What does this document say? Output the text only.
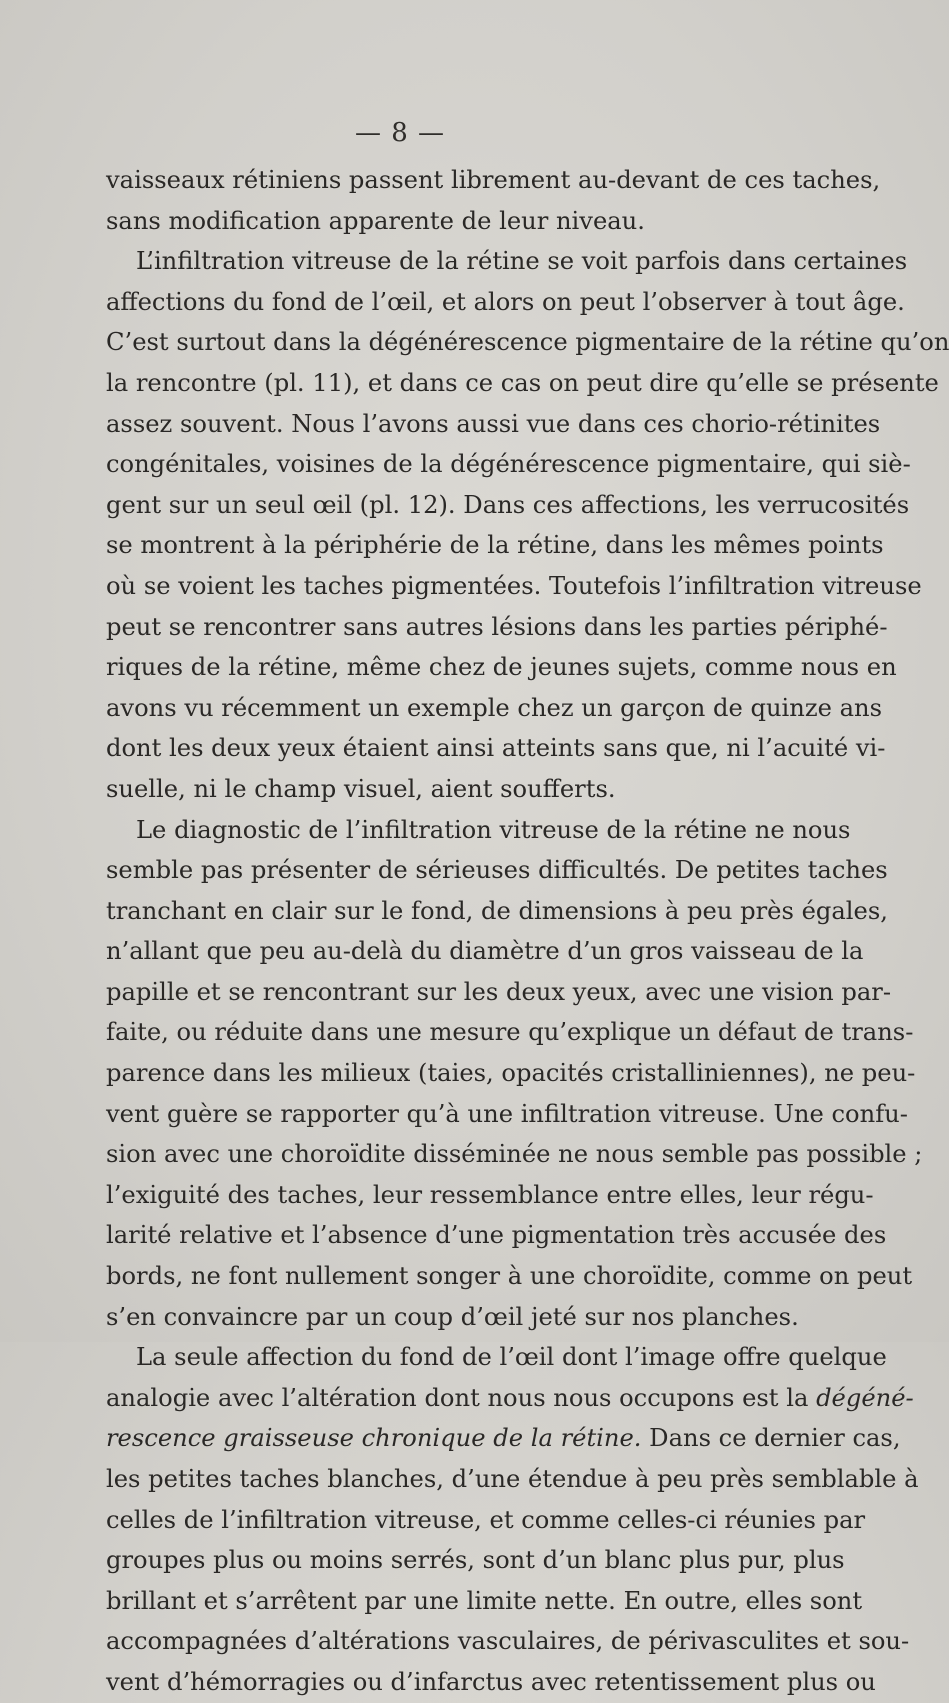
— 8 —
vaisseaux rétiniens passent librement au-devant de ces taches,
sans modification apparente de leur niveau.
L’infiltration vitreuse de la rétine se voit parfois dans certaines
affections du fond de l’œil, et alors on peut l’observer à tout âge.
C’est surtout dans la dégénérescence pigmentaire de la rétine qu’on
la rencontre (pl. 11), et dans ce cas on peut dire qu’elle se présente
assez souvent. Nous l’avons aussi vue dans ces chorio-rétinites
congénitales, voisines de la dégénérescence pigmentaire, qui siè-
gent sur un seul œil (pl. 12). Dans ces affections, les verrucosités
se montrent à la périphérie de la rétine, dans les mêmes points
où se voient les taches pigmentées. Toutefois l’infiltration vitreuse
peut se rencontrer sans autres lésions dans les parties périphé-
riques de la rétine, même chez de jeunes sujets, comme nous en
avons vu récemment un exemple chez un garçon de quinze ans
dont les deux yeux étaient ainsi atteints sans que, ni l’acuité vi-
suelle, ni le champ visuel, aient soufferts.
Le diagnostic de l’infiltration vitreuse de la rétine ne nous
semble pas présenter de sérieuses difficultés. De petites taches
tranchant en clair sur le fond, de dimensions à peu près égales,
n’allant que peu au-delà du diamètre d’un gros vaisseau de la
papille et se rencontrant sur les deux yeux, avec une vision par-
faite, ou réduite dans une mesure qu’explique un défaut de trans-
parence dans les milieux (taies, opacités cristalliniennes), ne peu-
vent guère se rapporter qu’à une infiltration vitreuse. Une confu-
sion avec une choroïdite disséminée ne nous semble pas possible ;
l’exiguité des taches, leur ressemblance entre elles, leur régu-
larité relative et l’absence d’une pigmentation très accusée des
bords, ne font nullement songer à une choroïdite, comme on peut
s’en convaincre par un coup d’œil jeté sur nos planches.
La seule affection du fond de l’œil dont l’image offre quelque
analogie avec l’altération dont nous nous occupons est la dégéné-
rescence graisseuse chronique de la rétine. Dans ce dernier cas,
les petites taches blanches, d’une étendue à peu près semblable à
celles de l’infiltration vitreuse, et comme celles-ci réunies par
groupes plus ou moins serrés, sont d’un blanc plus pur, plus
brillant et s’arrêtent par une limite nette. En outre, elles sont
accompagnées d’altérations vasculaires, de périvasculites et sou-
vent d’hémorragies ou d’infarctus avec retentissement plus ou
